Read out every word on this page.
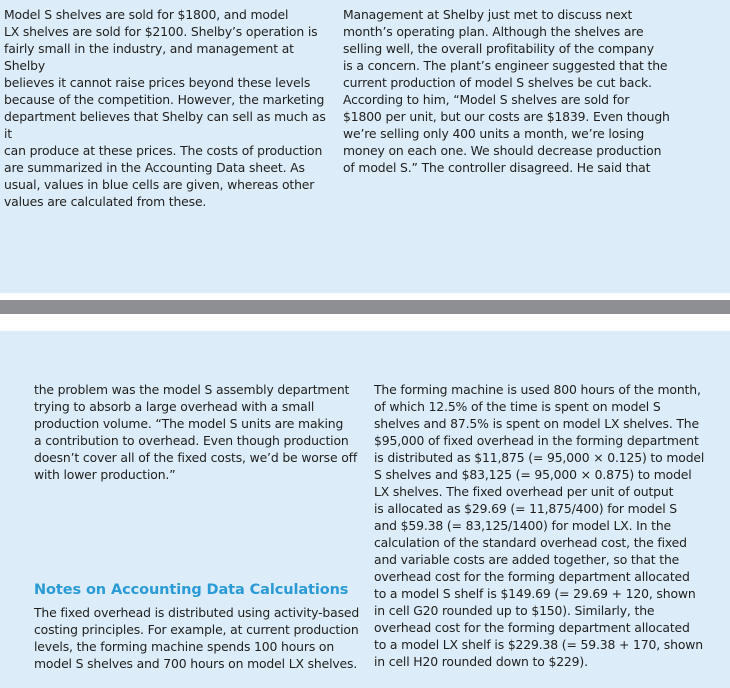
Model S shelves are sold for $1800, and model
LX shelves are sold for $2100. Shelby’s operation is
fairly small in the industry, and management at Shelby
believes it cannot raise prices beyond these levels
because of the competition. However, the marketing
department believes that Shelby can sell as much as it
can produce at these prices. The costs of production
are summarized in the Accounting Data sheet. As
usual, values in blue cells are given, whereas other
values are calculated from these.

Management at Shelby just met to discuss next
month’s operating plan. Although the shelves are
selling well, the overall profitability of the company
is a concern. The plant’s engineer suggested that the
current production of model S shelves be cut back.
According to him, “Model S shelves are sold for
$1800 per unit, but our costs are $1839. Even though
we’re selling only 400 units a month, we’re losing
money on each one. We should decrease production
of model S.” The controller disagreed. He said that

the problem was the model S assembly department
trying to absorb a large overhead with a small
production volume. “The model S units are making
a contribution to overhead. Even though production
doesn’t cover all of the fixed costs, we’d be worse off
with lower production.”

Notes on Accounting Data Calculations

The fixed overhead is distributed using activity-based
costing principles. For example, at current production
levels, the forming machine spends 100 hours on
model S shelves and 700 hours on model LX shelves.

The forming machine is used 800 hours of the month,
of which 12.5% of the time is spent on model S
shelves and 87.5% is spent on model LX shelves. The
$95,000 of fixed overhead in the forming department
is distributed as $11,875 (= 95,000 × 0.125) to model
S shelves and $83,125 (= 95,000 × 0.875) to model
LX shelves. The fixed overhead per unit of output
is allocated as $29.69 (= 11,875/400) for model S
and $59.38 (= 83,125/1400) for model LX. In the
calculation of the standard overhead cost, the fixed
and variable costs are added together, so that the
overhead cost for the forming department allocated
to a model S shelf is $149.69 (= 29.69 + 120, shown
in cell G20 rounded up to $150). Similarly, the
overhead cost for the forming department allocated
to a model LX shelf is $229.38 (= 59.38 + 170, shown
in cell H20 rounded down to $229).
